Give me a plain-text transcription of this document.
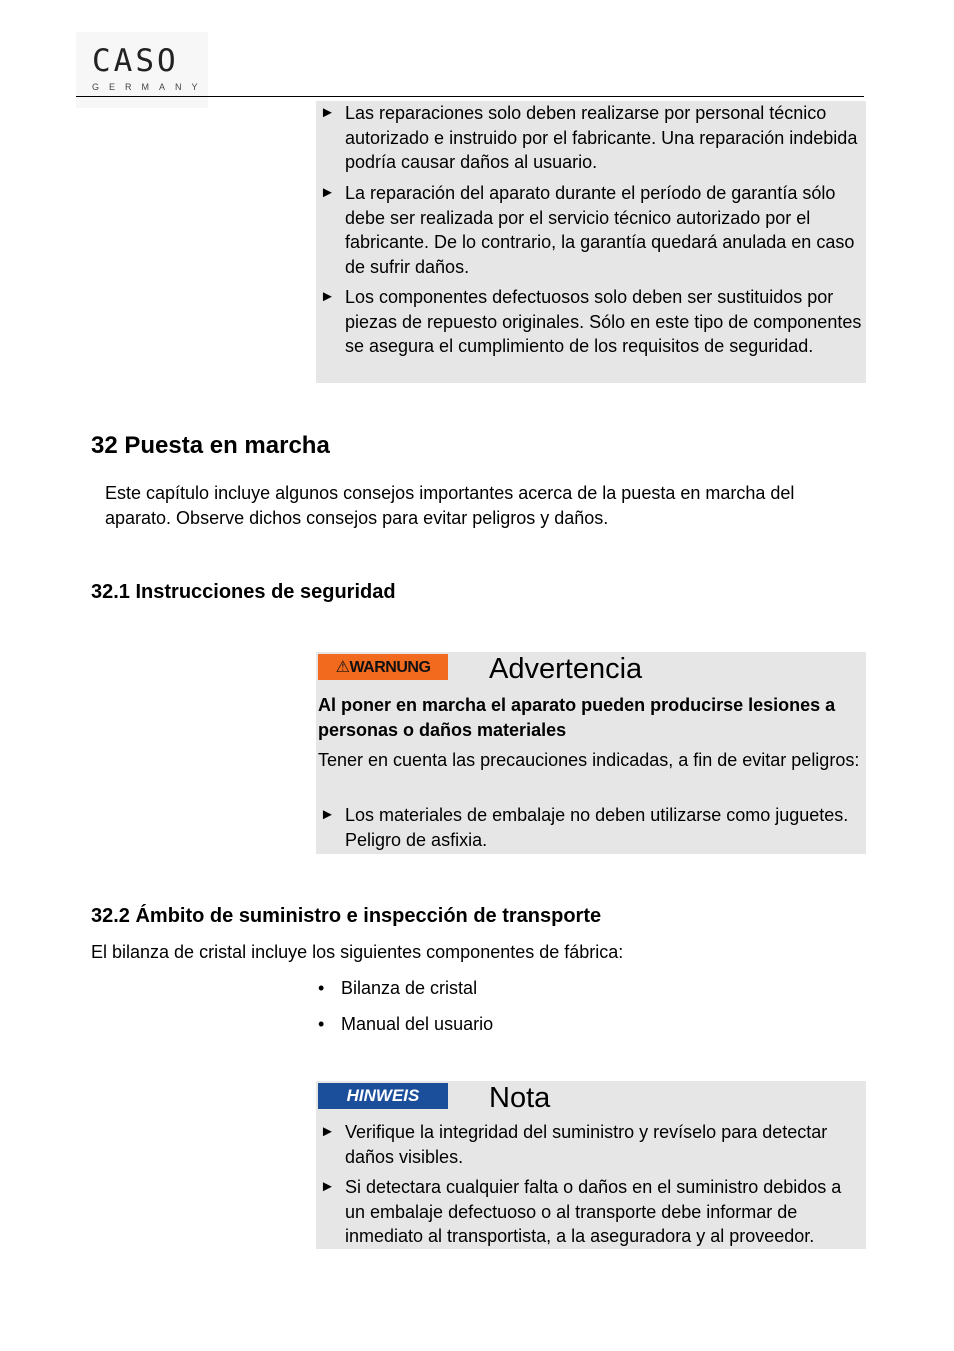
CASO
GERMANY
► Las reparaciones solo deben realizarse por personal técnico autorizado e instruido por el fabricante. Una reparación indebida podría causar daños al usuario.
► La reparación del aparato durante el período de garantía sólo debe ser realizada por el servicio técnico autorizado por el fabricante. De lo contrario, la garantía quedará anulada en caso de sufrir daños.
► Los componentes defectuosos solo deben ser sustituidos por piezas de repuesto originales. Sólo en este tipo de componentes se asegura el cumplimiento de los requisitos de seguridad.
32 Puesta en marcha
Este capítulo incluye algunos consejos importantes acerca de la puesta en marcha del aparato. Observe dichos consejos para evitar peligros y daños.
32.1 Instrucciones de seguridad
⚠WARNUNG	Advertencia
Al poner en marcha el aparato pueden producirse lesiones a personas o daños materiales
Tener en cuenta las precauciones indicadas, a fin de evitar peligros:
► Los materiales de embalaje no deben utilizarse como juguetes. Peligro de asfixia.
32.2 Ámbito de suministro e inspección de transporte
El bilanza de cristal incluye los siguientes componentes de fábrica:
• Bilanza de cristal
• Manual del usuario
HINWEIS	Nota
► Verifique la integridad del suministro y revíselo para detectar daños visibles.
► Si detectara cualquier falta o daños en el suministro debidos a un embalaje defectuoso o al transporte debe informar de inmediato al transportista, a la aseguradora y al proveedor.
